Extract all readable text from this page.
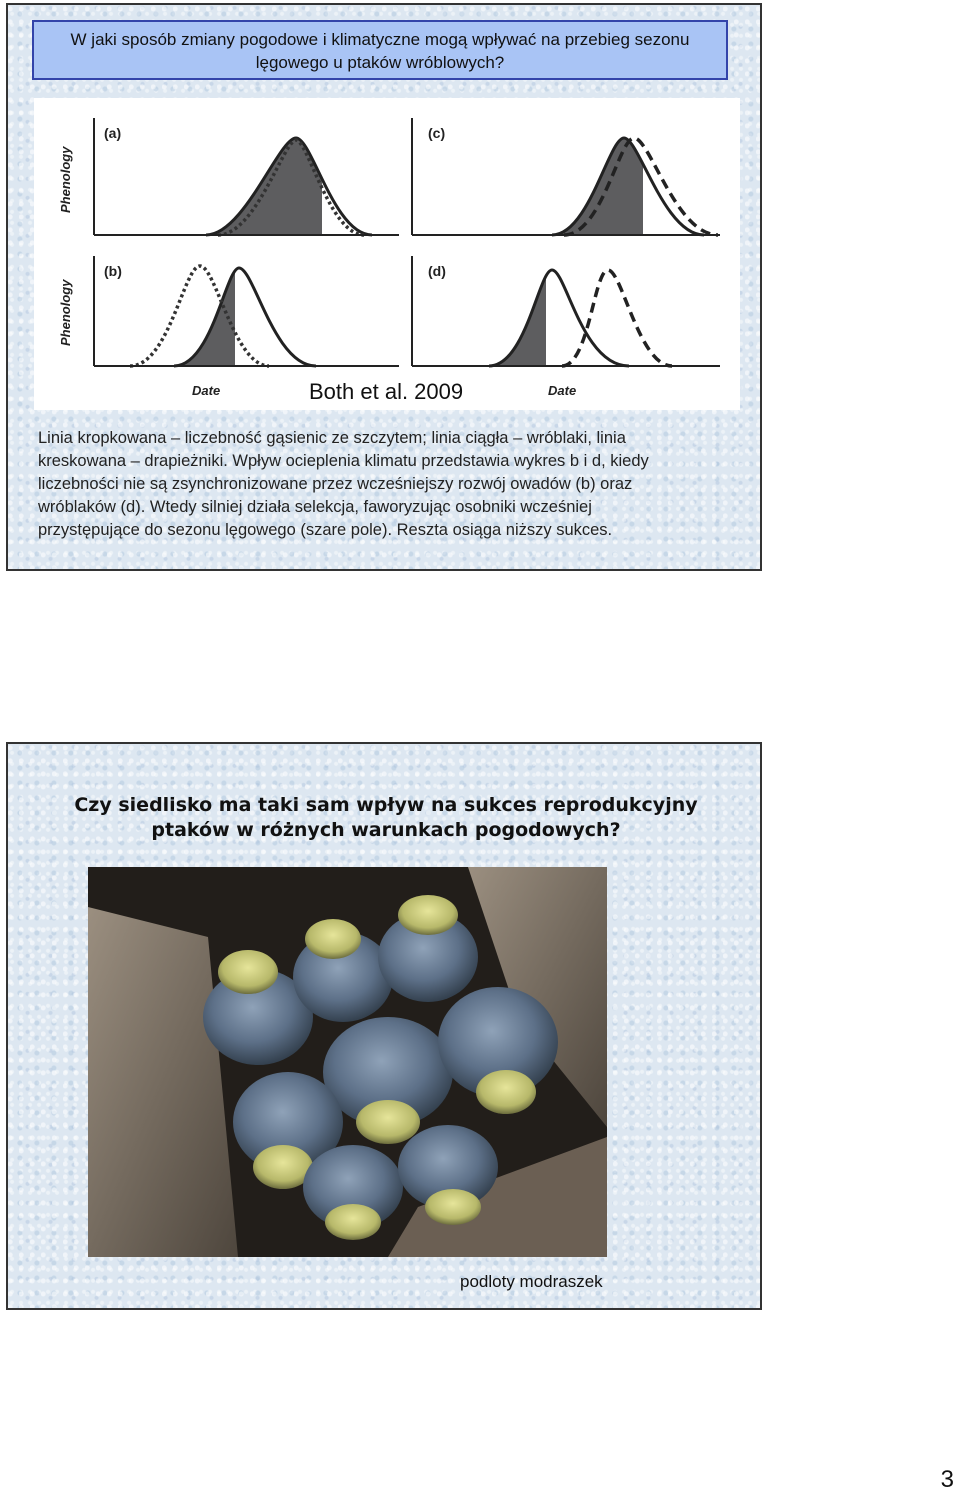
W jaki sposób zmiany pogodowe i klimatyczne mogą wpływać na przebieg sezonu lęgowego u ptaków wróblowych?
Phenology
Phenology
(a)	(c)
(b)	(d)
Date	Date
Both et al. 2009

Linia kropkowana – liczebność gąsienic ze szczytem; linia ciągła – wróblaki, linia

kreskowana – drapieżniki. Wpływ ocieplenia klimatu przedstawia wykres b i d, kiedy

liczebności nie są zsynchronizowane przez wcześniejszy rozwój owadów (b) oraz

wróblaków (d). Wtedy silniej działa selekcja, faworyzując osobniki wcześniej

przystępujące do sezonu lęgowego (szare pole). Reszta osiąga niższy sukces.

Czy siedlisko ma taki sam wpływ na sukces reprodukcyjny
ptaków w różnych warunkach pogodowych?
podloty modraszek
3
